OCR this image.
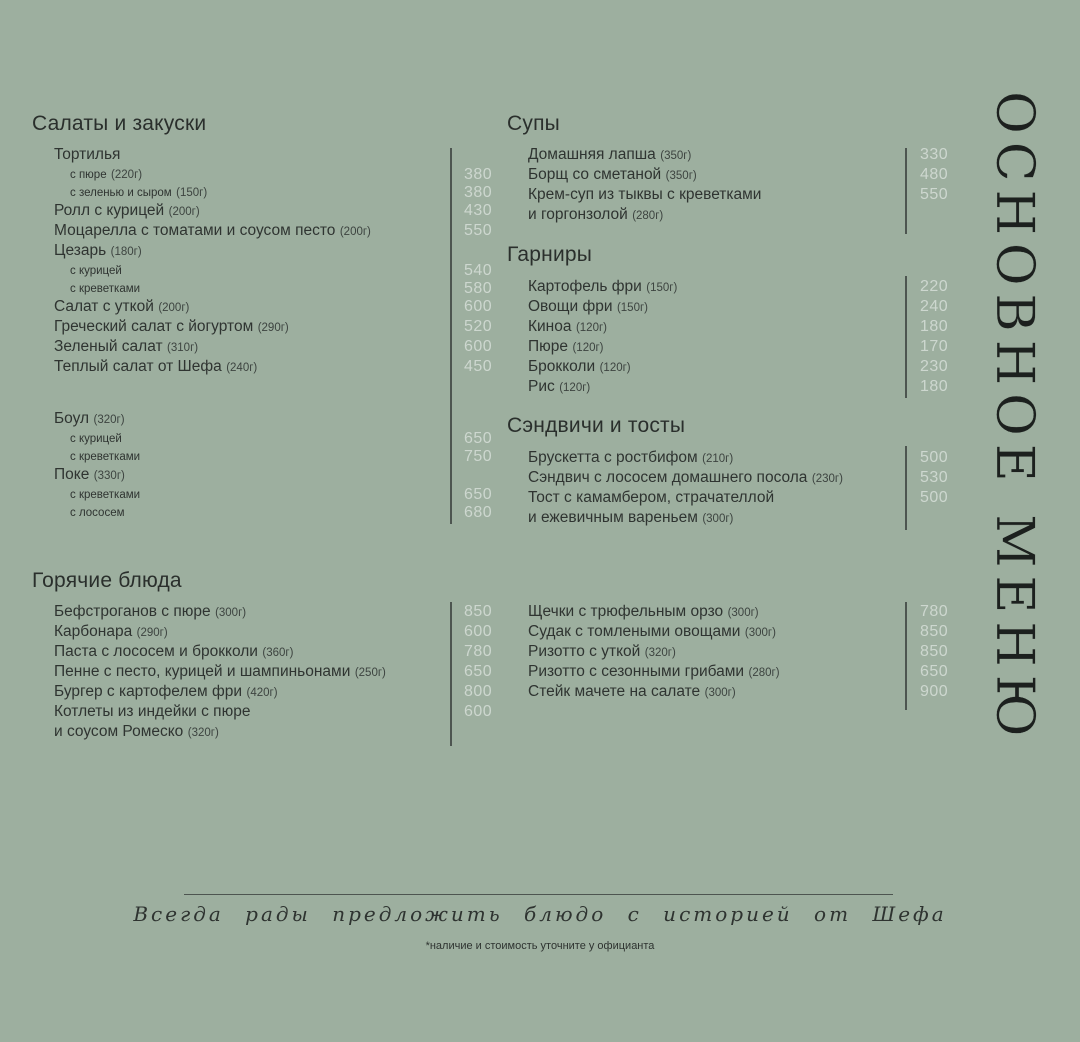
ОСНОВНОЕ МЕНЮ
Салаты и закуски	Супы
Гарниры
Сэндвичи и тосты
Горячие блюда
Тортилья
с пюре (220г)	380
с зеленью и сыром (150г)	380
Ролл с курицей (200г)	430
Моцарелла с томатами и соусом песто (200г)	550
Цезарь (180г)
с курицей	540
с креветками	580
Салат с уткой (200г)	600
Греческий салат с йогуртом (290г)	520
Зеленый салат (310г)	600
Теплый салат от Шефа (240г)	450
Боул (320г)
с курицей	650
с креветками	750
Поке (330г)
с креветками	650
с лососем	680
Домашняя лапша (350г)	330
Борщ со сметаной (350г)	480
Крем-суп из тыквы с креветками	550
и горгонзолой (280г)
Картофель фри (150г)	220
Овощи фри (150г)	240
Киноа (120г)	180
Пюре (120г)	170
Брокколи (120г)	230
Рис (120г)	180
Брускетта с ростбифом (210г)	500
Сэндвич с лососем домашнего посола (230г)	530
Тост с камамбером, страчателлой	500
и ежевичным вареньем (300г)
Бефстроганов с пюре (300г)	850
Карбонара (290г)	600
Паста с лососем и брокколи (360г)	780
Пенне с песто, курицей и шампиньонами (250г)	650
Бургер с картофелем фри (420г)	800
Котлеты из индейки с пюре	600
и соусом Ромеско (320г)
Щечки с трюфельным орзо (300г)	780
Судак с томлеными овощами (300г)	850
Ризотто с уткой (320г)	850
Ризотто с сезонными грибами (280г)	650
Стейк мачете на салате (300г)	900
Всегда рады предложить блюдо с историей от Шефа
*наличие и стоимость уточните у официанта
